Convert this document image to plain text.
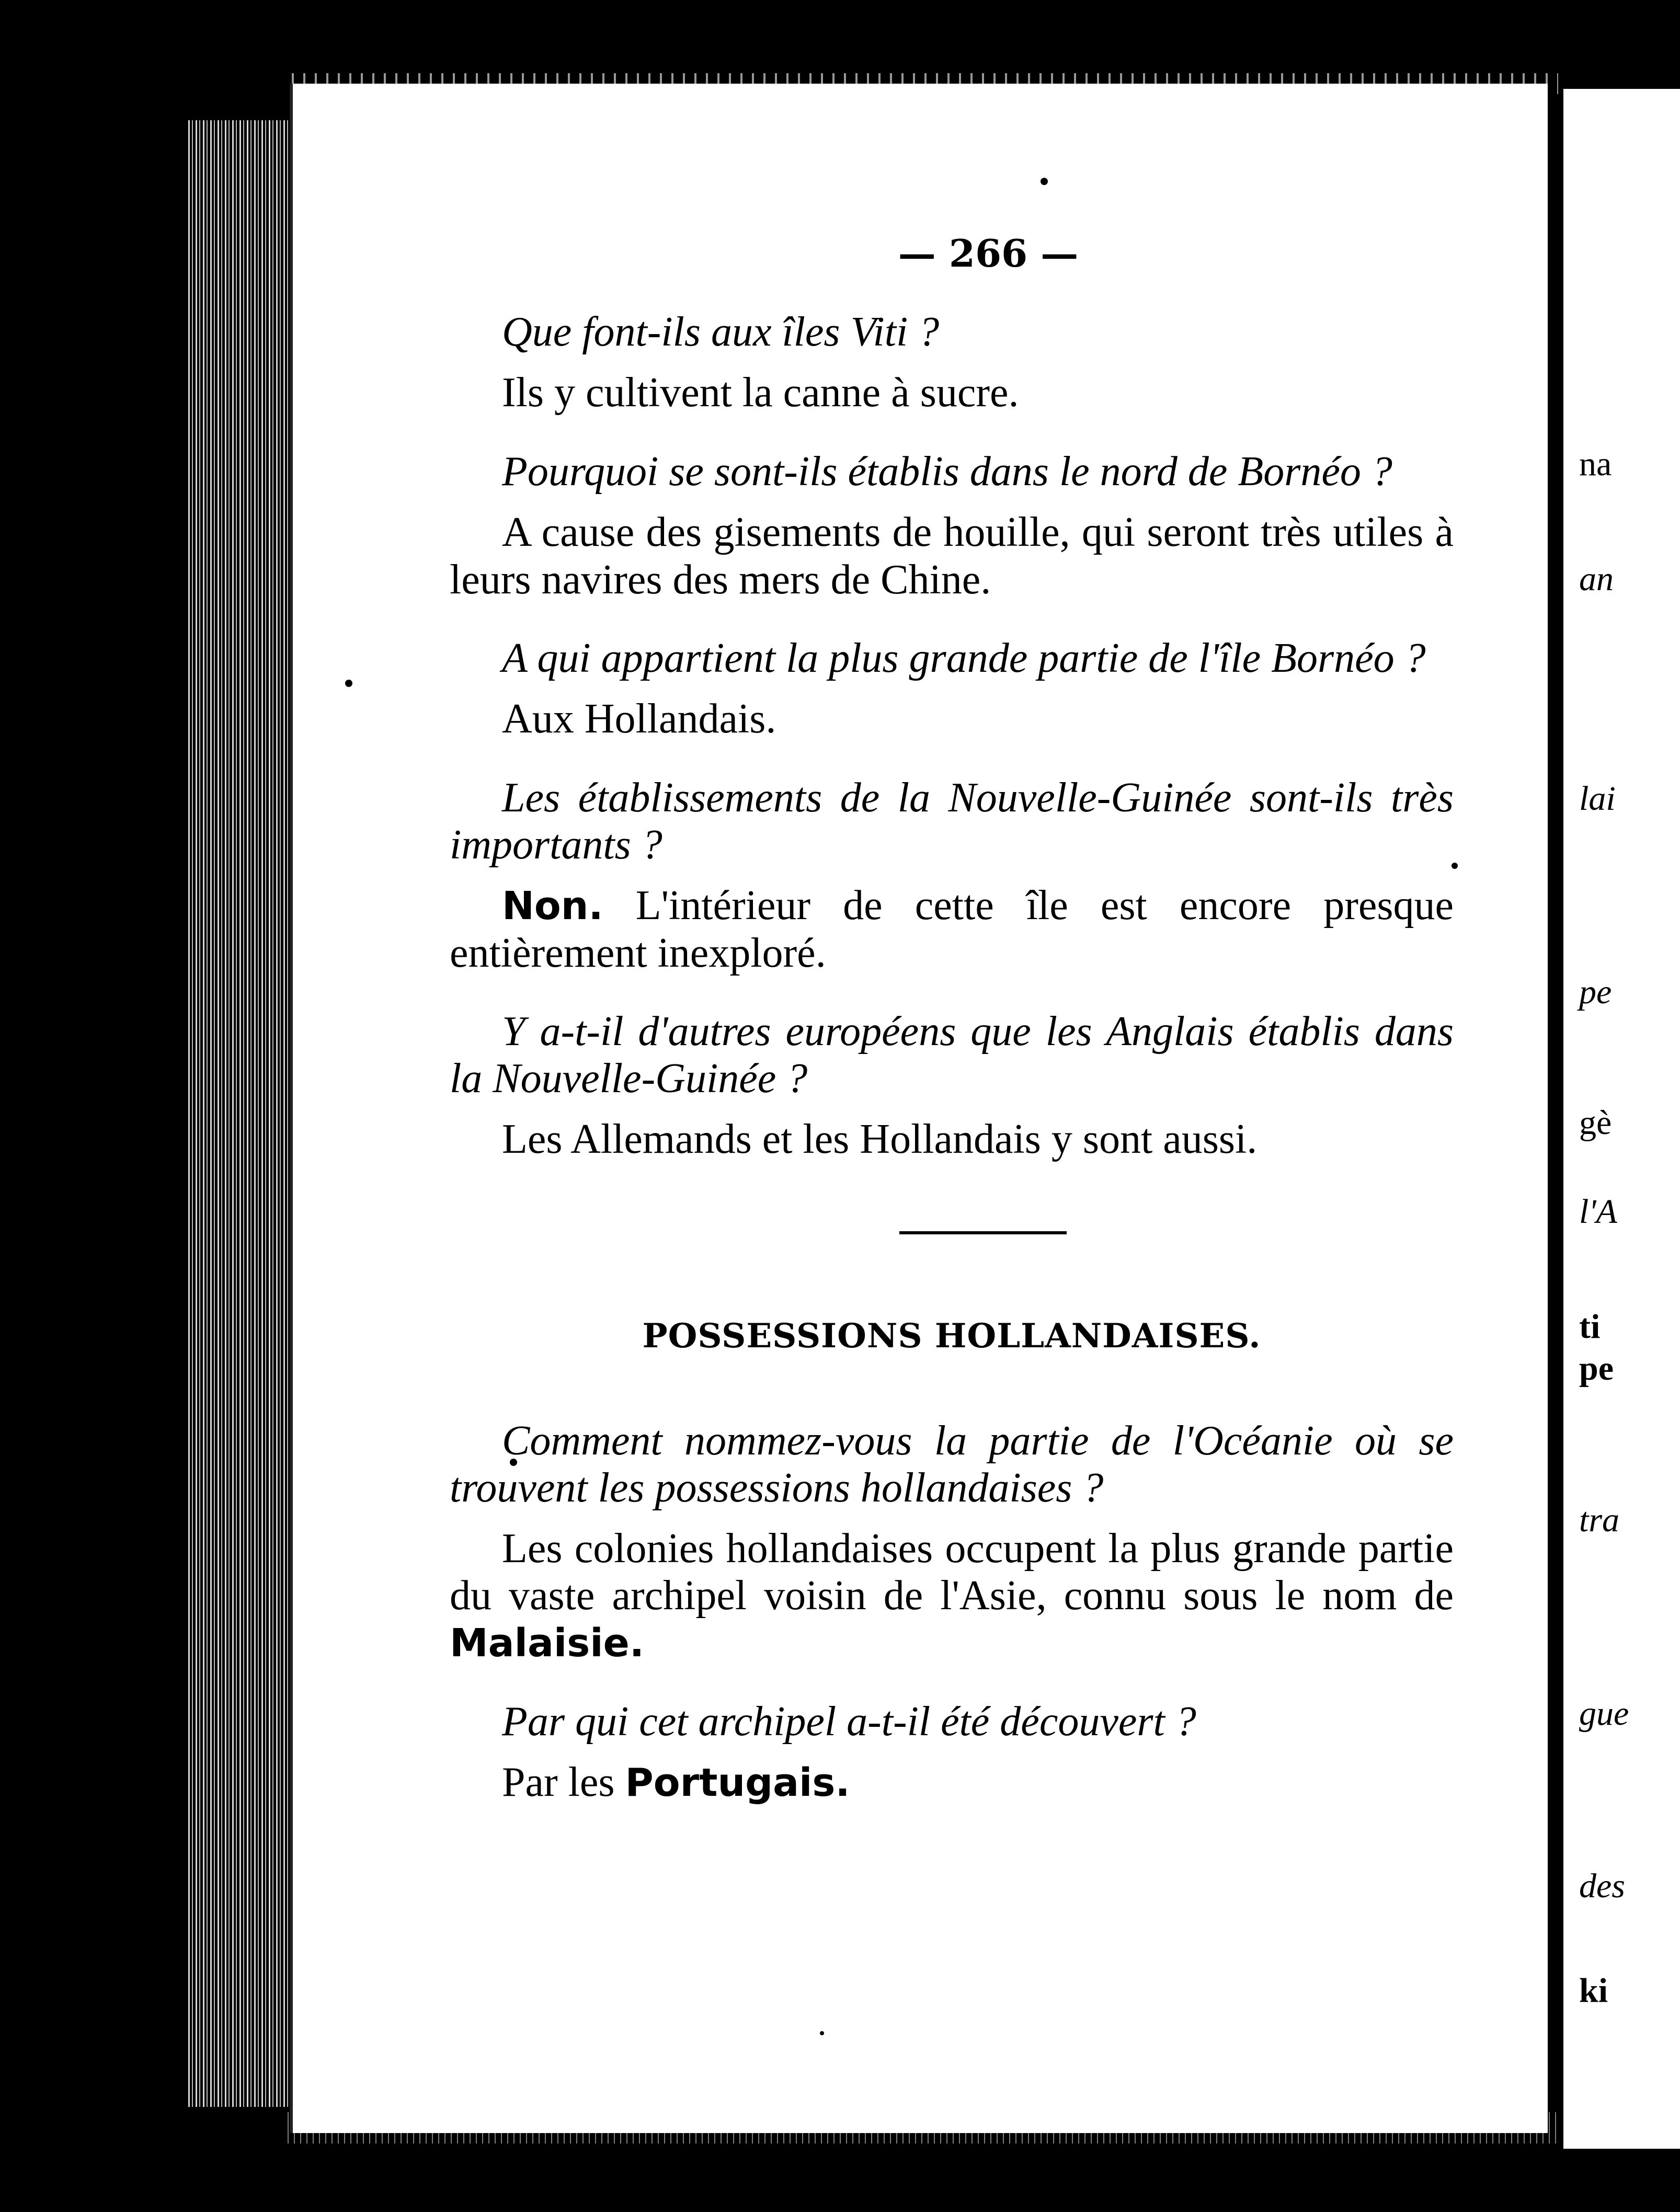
na
an
lai
pe
gè
l'A
ti
pe
tra
gue
des
ki
— 266 —

Que font-ils aux îles Viti ?

Ils y cultivent la canne à sucre.

Pourquoi se sont-ils établis dans le nord de Bornéo ?

A cause des gisements de houille, qui seront très utiles à leurs navires des mers de Chine.

A qui appartient la plus grande partie de l'île Bornéo ?

Aux Hollandais.

Les établissements de la Nouvelle-Guinée sont-ils très importants ?

Non. L'intérieur de cette île est encore presque entièrement inexploré.

Y a-t-il d'autres européens que les Anglais établis dans la Nouvelle-Guinée ?

Les Allemands et les Hollandais y sont aussi.

POSSESSIONS HOLLANDAISES.

Comment nommez-vous la partie de l'Océanie où se trouvent les possessions hollandaises ?

Les colonies hollandaises occupent la plus grande partie du vaste archipel voisin de l'Asie, connu sous le nom de Malaisie.

Par qui cet archipel a-t-il été découvert ?

Par les Portugais.
